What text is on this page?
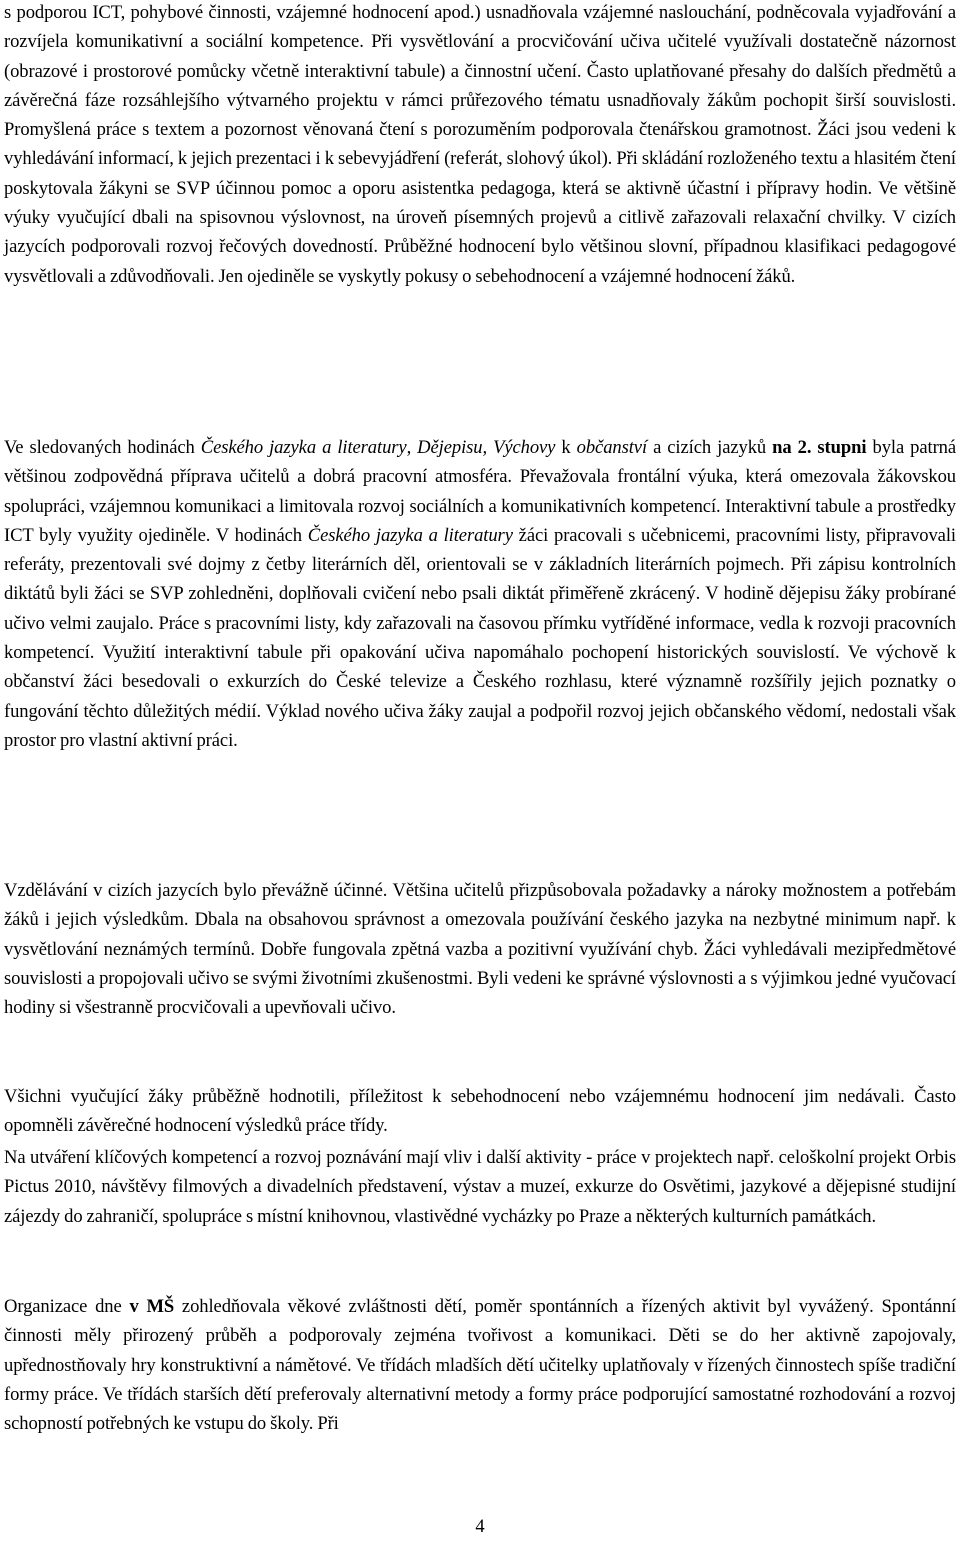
s podporou ICT, pohybové činnosti, vzájemné hodnocení apod.) usnadňovala vzájemné naslouchání, podněcovala vyjadřování a rozvíjela komunikativní a sociální kompetence. Při vysvětlování a procvičování učiva učitelé využívali dostatečně názornost (obrazové i prostorové pomůcky včetně interaktivní tabule) a činnostní učení. Často uplatňované přesahy do dalších předmětů a závěrečná fáze rozsáhlejšího výtvarného projektu v rámci průřezového tématu usnadňovaly žákům pochopit širší souvislosti. Promyšlená práce s textem a pozornost věnovaná čtení s porozuměním podporovala čtenářskou gramotnost. Žáci jsou vedeni k vyhledávání informací, k jejich prezentaci i k sebevyjádření (referát, slohový úkol). Při skládání rozloženého textu a hlasitém čtení poskytovala žákyni se SVP účinnou pomoc a oporu asistentka pedagoga, která se aktivně účastní i přípravy hodin. Ve většině výuky vyučující dbali na spisovnou výslovnost, na úroveň písemných projevů a citlivě zařazovali relaxační chvilky. V cizích jazycích podporovali rozvoj řečových dovedností. Průběžné hodnocení bylo většinou slovní, případnou klasifikaci pedagogové vysvětlovali a zdůvodňovali. Jen ojediněle se vyskytly pokusy o sebehodnocení a vzájemné hodnocení žáků.

Ve sledovaných hodinách Českého jazyka a literatury, Dějepisu, Výchovy k občanství a cizích jazyků na 2. stupni byla patrná většinou zodpovědná příprava učitelů a dobrá pracovní atmosféra. Převažovala frontální výuka, která omezovala žákovskou spolupráci, vzájemnou komunikaci a limitovala rozvoj sociálních a komunikativních kompetencí. Interaktivní tabule a prostředky ICT byly využity ojediněle. V hodinách Českého jazyka a literatury žáci pracovali s učebnicemi, pracovními listy, připravovali referáty, prezentovali své dojmy z četby literárních děl, orientovali se v základních literárních pojmech. Při zápisu kontrolních diktátů byli žáci se SVP zohledněni, doplňovali cvičení nebo psali diktát přiměřeně zkrácený. V hodině dějepisu žáky probírané učivo velmi zaujalo. Práce s pracovními listy, kdy zařazovali na časovou přímku vytříděné informace, vedla k rozvoji pracovních kompetencí. Využití interaktivní tabule při opakování učiva napomáhalo pochopení historických souvislostí. Ve výchově k občanství žáci besedovali o exkurzích do České televize a Českého rozhlasu, které významně rozšířily jejich poznatky o fungování těchto důležitých médií. Výklad nového učiva žáky zaujal a podpořil rozvoj jejich občanského vědomí, nedostali však prostor pro vlastní aktivní práci.

Vzdělávání v cizích jazycích bylo převážně účinné. Většina učitelů přizpůsobovala požadavky a nároky možnostem a potřebám žáků i jejich výsledkům. Dbala na obsahovou správnost a omezovala používání českého jazyka na nezbytné minimum např. k vysvětlování neznámých termínů. Dobře fungovala zpětná vazba a pozitivní využívání chyb. Žáci vyhledávali mezipředmětové souvislosti a propojovali učivo se svými životními zkušenostmi. Byli vedeni ke správné výslovnosti a s výjimkou jedné vyučovací hodiny si všestranně procvičovali a upevňovali učivo.

Všichni vyučující žáky průběžně hodnotili, příležitost k sebehodnocení nebo vzájemnému hodnocení jim nedávali. Často opomněli závěrečné hodnocení výsledků práce třídy.

Na utváření klíčových kompetencí a rozvoj poznávání mají vliv i další aktivity - práce v projektech např. celoškolní projekt Orbis Pictus 2010, návštěvy filmových a divadelních představení, výstav a muzeí, exkurze do Osvětimi, jazykové a dějepisné studijní zájezdy do zahraničí, spolupráce s místní knihovnou, vlastivědné vycházky po Praze a některých kulturních památkách.

Organizace dne v MŠ zohledňovala věkové zvláštnosti dětí, poměr spontánních a řízených aktivit byl vyvážený. Spontánní činnosti měly přirozený průběh a podporovaly zejména tvořivost a komunikaci. Děti se do her aktivně zapojovaly, upřednostňovaly hry konstruktivní a námětové. Ve třídách mladších dětí učitelky uplatňovaly v řízených činnostech spíše tradiční formy práce. Ve třídách starších dětí preferovaly alternativní metody a formy práce podporující samostatné rozhodování a rozvoj schopností potřebných ke vstupu do školy. Při

4
